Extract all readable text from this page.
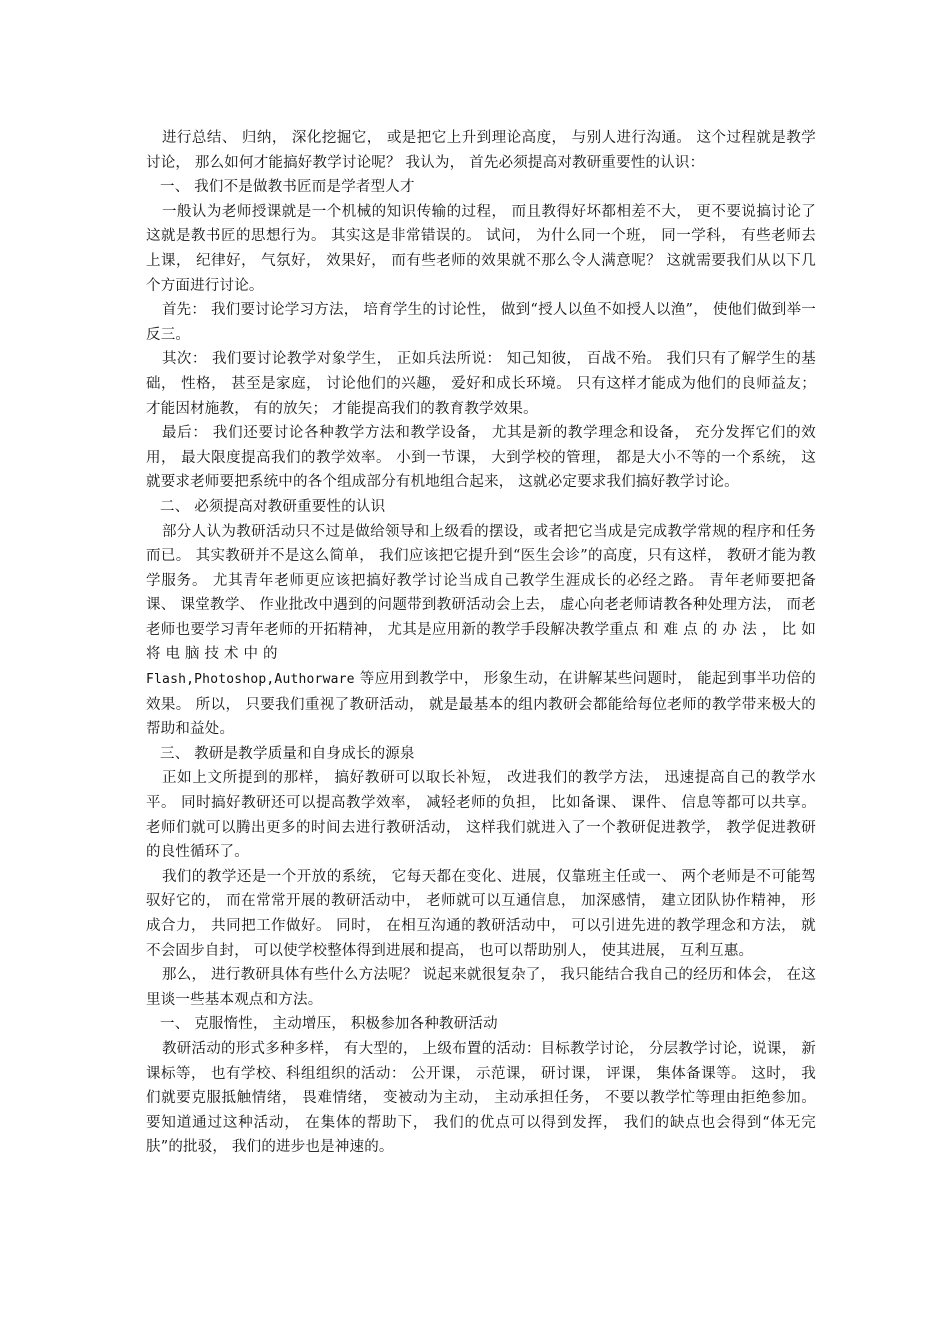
进行总结、 归纳， 深化挖掘它， 或是把它上升到理论高度， 与别人进行沟通。 这个过程就是教学讨论， 那么如何才能搞好教学讨论呢？ 我认为， 首先必须提高对教研重要性的认识：

一、 我们不是做教书匠而是学者型人才

一般认为老师授课就是一个机械的知识传输的过程， 而且教得好坏都相差不大， 更不要说搞讨论了这就是教书匠的思想行为。 其实这是非常错误的。 试问， 为什么同一个班， 同一学科， 有些老师去上课， 纪律好， 气氛好， 效果好， 而有些老师的效果就不那么令人满意呢？ 这就需要我们从以下几个方面进行讨论。

首先： 我们要讨论学习方法， 培育学生的讨论性， 做到“授人以鱼不如授人以渔”， 使他们做到举一反三。

其次： 我们要讨论教学对象学生， 正如兵法所说： 知己知彼， 百战不殆。 我们只有了解学生的基础， 性格， 甚至是家庭， 讨论他们的兴趣， 爱好和成长环境。 只有这样才能成为他们的良师益友； 才能因材施教， 有的放矢； 才能提高我们的教育教学效果。

最后： 我们还要讨论各种教学方法和教学设备， 尤其是新的教学理念和设备， 充分发挥它们的效用， 最大限度提高我们的教学效率。 小到一节课， 大到学校的管理， 都是大小不等的一个系统， 这就要求老师要把系统中的各个组成部分有机地组合起来， 这就必定要求我们搞好教学讨论。

二、 必须提高对教研重要性的认识

部分人认为教研活动只不过是做给领导和上级看的摆设，或者把它当成是完成教学常规的程序和任务而已。 其实教研并不是这么简单， 我们应该把它提升到“医生会诊”的高度，只有这样， 教研才能为教学服务。 尤其青年老师更应该把搞好教学讨论当成自己教学生涯成长的必经之路。 青年老师要把备课、 课堂教学、 作业批改中遇到的问题带到教研活动会上去， 虚心向老老师请教各种处理方法， 而老老师也要学习青年老师的开拓精神， 尤其是应用新的教学手段解决教学重点 和 难 点 的 办 法 ， 比 如 将 电 脑 技 术 中 的

Flash,Photoshop,Authorware 等应用到教学中， 形象生动，在讲解某些问题时， 能起到事半功倍的效果。 所以， 只要我们重视了教研活动， 就是最基本的组内教研会都能给每位老师的教学带来极大的帮助和益处。

三、 教研是教学质量和自身成长的源泉

正如上文所提到的那样， 搞好教研可以取长补短， 改进我们的教学方法， 迅速提高自己的教学水平。 同时搞好教研还可以提高教学效率， 减轻老师的负担， 比如备课、 课件、 信息等都可以共享。 老师们就可以腾出更多的时间去进行教研活动， 这样我们就进入了一个教研促进教学， 教学促进教研的良性循环了。

我们的教学还是一个开放的系统， 它每天都在变化、进展，仅靠班主任或一、 两个老师是不可能驾驭好它的， 而在常常开展的教研活动中， 老师就可以互通信息， 加深感情， 建立团队协作精神， 形成合力， 共同把工作做好。 同时， 在相互沟通的教研活动中， 可以引进先进的教学理念和方法， 就不会固步自封， 可以使学校整体得到进展和提高， 也可以帮助别人， 使其进展， 互利互惠。

那么， 进行教研具体有些什么方法呢？ 说起来就很复杂了， 我只能结合我自己的经历和体会， 在这里谈一些基本观点和方法。

一、 克服惰性， 主动增压， 积极参加各种教研活动

教研活动的形式多种多样， 有大型的， 上级布置的活动：目标教学讨论， 分层教学讨论，说课， 新课标等， 也有学校、科组组织的活动： 公开课， 示范课， 研讨课， 评课， 集体备课等。 这时， 我们就要克服抵触情绪， 畏难情绪， 变被动为主动， 主动承担任务， 不要以教学忙等理由拒绝参加。 要知道通过这种活动， 在集体的帮助下， 我们的优点可以得到发挥， 我们的缺点也会得到“体无完肤”的批驳， 我们的进步也是神速的。
